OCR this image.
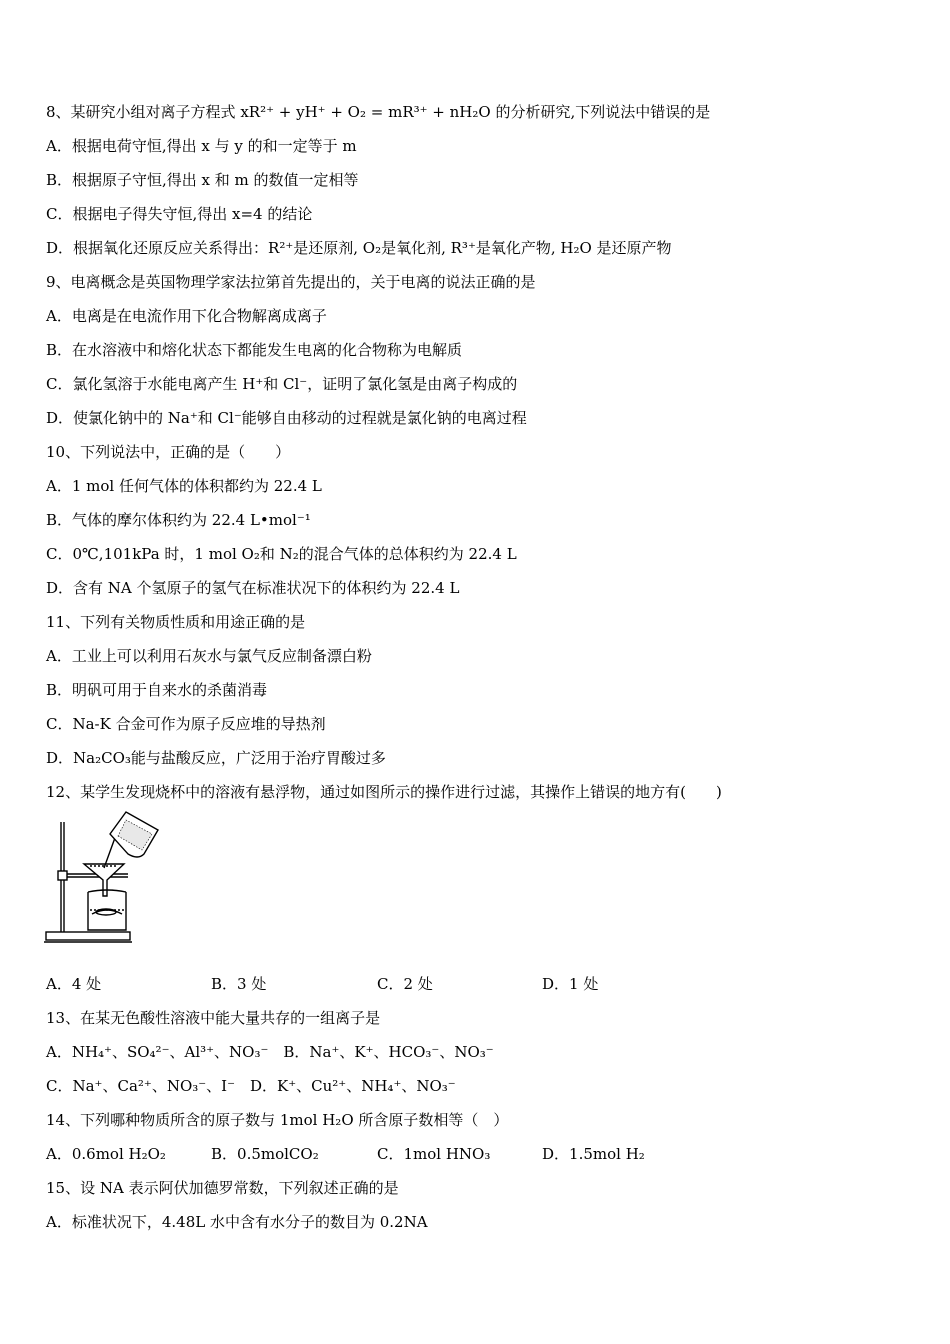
8、某研究小组对离子方程式 xR²⁺ + yH⁺ + O₂ = mR³⁺ + nH₂O 的分析研究,下列说法中错误的是
A．根据电荷守恒,得出 x 与 y 的和一定等于 m
B．根据原子守恒,得出 x 和 m 的数值一定相等
C．根据电子得失守恒,得出 x=4 的结论
D．根据氧化还原反应关系得出：R²⁺是还原剂, O₂是氧化剂, R³⁺是氧化产物, H₂O 是还原产物
9、电离概念是英国物理学家法拉第首先提出的，关于电离的说法正确的是
A．电离是在电流作用下化合物解离成离子
B．在水溶液中和熔化状态下都能发生电离的化合物称为电解质
C．氯化氢溶于水能电离产生 H⁺和 Cl⁻，证明了氯化氢是由离子构成的
D．使氯化钠中的 Na⁺和 Cl⁻能够自由移动的过程就是氯化钠的电离过程
10、下列说法中，正确的是（　　）
A．1 mol 任何气体的体积都约为 22.4 L
B．气体的摩尔体积约为 22.4 L•mol⁻¹
C．0℃,101kPa 时，1 mol O₂和 N₂的混合气体的总体积约为 22.4 L
D．含有 NA 个氢原子的氢气在标准状况下的体积约为 22.4 L
11、下列有关物质性质和用途正确的是
A．工业上可以利用石灰水与氯气反应制备漂白粉
B．明矾可用于自来水的杀菌消毒
C．Na-K 合金可作为原子反应堆的导热剂
D．Na₂CO₃能与盐酸反应，广泛用于治疗胃酸过多
12、某学生发现烧杯中的溶液有悬浮物，通过如图所示的操作进行过滤，其操作上错误的地方有(　　)
A．4 处	B．3 处	C．2 处	D．1 处
13、在某无色酸性溶液中能大量共存的一组离子是
A．NH₄⁺、SO₄²⁻、Al³⁺、NO₃⁻　B．Na⁺、K⁺、HCO₃⁻、NO₃⁻
C．Na⁺、Ca²⁺、NO₃⁻、I⁻　D．K⁺、Cu²⁺、NH₄⁺、NO₃⁻
14、下列哪种物质所含的原子数与 1mol H₂O 所含原子数相等（　）
A．0.6mol H₂O₂	B．0.5molCO₂	C．1mol HNO₃	D．1.5mol H₂
15、设 NA 表示阿伏加德罗常数，下列叙述正确的是
A．标准状况下，4.48L 水中含有水分子的数目为 0.2NA
